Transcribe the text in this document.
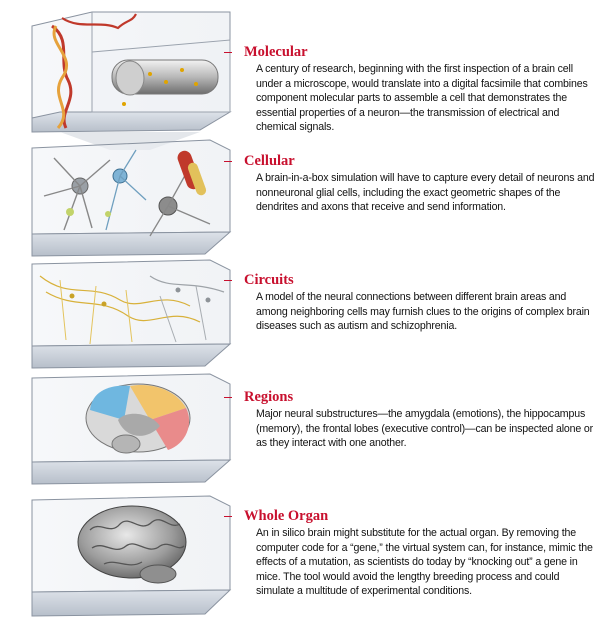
Molecular
A century of research, beginning with the first inspection of a brain cell under a microscope, would translate into a digital facsimile that combines component molecular parts to assemble a cell that demonstrates the essential properties of a neuron—the transmission of electrical and chemical signals.
Cellular
A brain-in-a-box simulation will have to capture every detail of neurons and nonneuronal glial cells, including the exact geometric shapes of the dendrites and axons that receive and send information.
Circuits
A model of the neural connections between different brain areas and among neighboring cells may furnish clues to the origins of complex brain diseases such as autism and schizophrenia.
Regions
Major neural substructures—the amygdala (emotions), the hippocampus (memory), the frontal lobes (executive control)—can be inspected alone or as they interact with one another.
Whole Organ
An in silico brain might substitute for the actual organ. By removing the computer code for a “gene,” the virtual system can, for instance, mimic the effects of a mutation, as scientists do today by “knocking out” a gene in mice. The tool would avoid the lengthy breeding process and could simulate a multitude of experimental conditions.
